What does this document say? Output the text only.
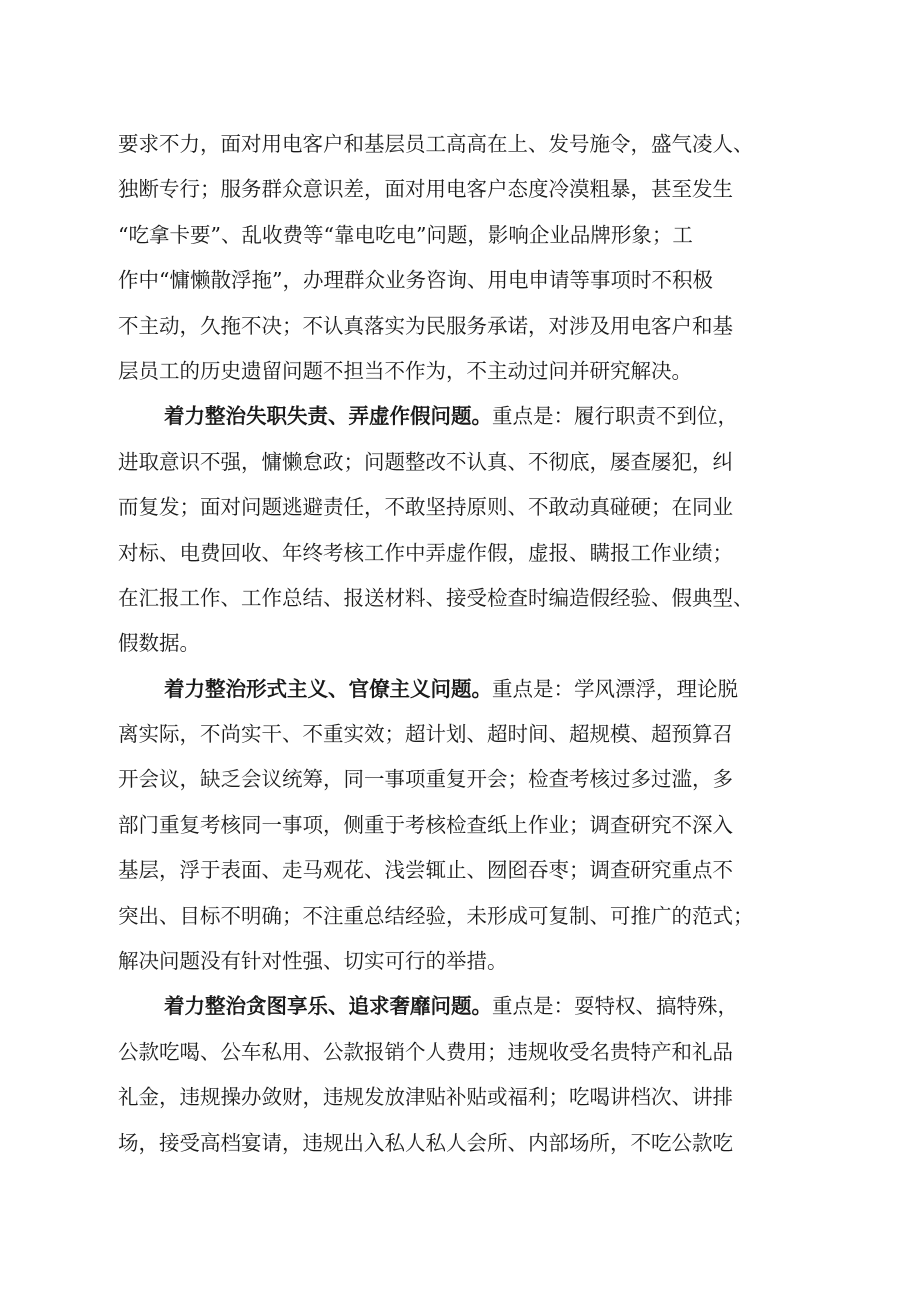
要求不力，面对用电客户和基层员工高高在上、发号施令，盛气凌人、
独断专行；服务群众意识差，面对用电客户态度冷漠粗暴，甚至发生
“吃拿卡要”、乱收费等“靠电吃电”问题，影响企业品牌形象；工
作中“慵懒散浮拖”，办理群众业务咨询、用电申请等事项时不积极
不主动，久拖不决；不认真落实为民服务承诺，对涉及用电客户和基
层员工的历史遗留问题不担当不作为，不主动过问并研究解决。
着力整治失职失责、弄虚作假问题。重点是：履行职责不到位，
进取意识不强，慵懒怠政；问题整改不认真、不彻底，屡查屡犯，纠
而复发；面对问题逃避责任，不敢坚持原则、不敢动真碰硬；在同业
对标、电费回收、年终考核工作中弄虚作假，虚报、瞒报工作业绩；
在汇报工作、工作总结、报送材料、接受检查时编造假经验、假典型、
假数据。
着力整治形式主义、官僚主义问题。重点是：学风漂浮，理论脱
离实际，不尚实干、不重实效；超计划、超时间、超规模、超预算召
开会议，缺乏会议统筹，同一事项重复开会；检查考核过多过滥，多
部门重复考核同一事项，侧重于考核检查纸上作业；调查研究不深入
基层，浮于表面、走马观花、浅尝辄止、囫囵吞枣；调查研究重点不
突出、目标不明确；不注重总结经验，未形成可复制、可推广的范式；
解决问题没有针对性强、切实可行的举措。
着力整治贪图享乐、追求奢靡问题。重点是：耍特权、搞特殊，
公款吃喝、公车私用、公款报销个人费用；违规收受名贵特产和礼品
礼金，违规操办敛财，违规发放津贴补贴或福利；吃喝讲档次、讲排
场，接受高档宴请，违规出入私人私人会所、内部场所，不吃公款吃
